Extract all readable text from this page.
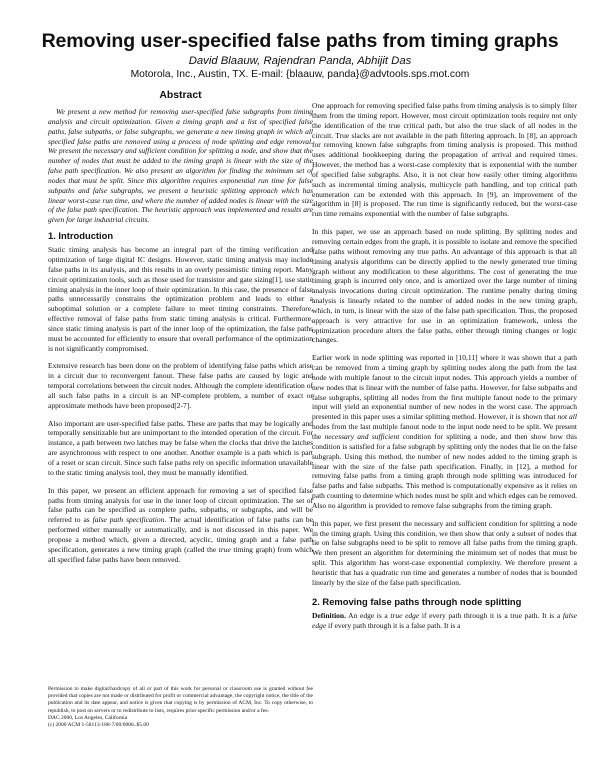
Removing user-specified false paths from timing graphs
David Blaauw, Rajendran Panda, Abhijit Das
Motorola, Inc., Austin, TX. E-mail: {blaauw, panda}@advtools.sps.mot.com
Abstract

We present a new method for removing user-specified false subgraphs from timing analysis and circuit optimization. Given a timing graph and a list of specified false paths, false subpaths, or false subgraphs, we generate a new timing graph in which all specified false paths are removed using a process of node splitting and edge removal. We present the necessary and sufficient condition for splitting a node, and show that the number of nodes that must be added to the timing graph is linear with the size of the false path specification. We also present an algorithm for finding the minimum set of nodes that must be split. Since this algorithm requires exponential run time for false subpaths and false subgraphs, we present a heuristic splitting approach which has linear worst-case run time, and where the number of added nodes is linear with the size of the false path specification. The heuristic approach was implemented and results are given for large industrial circuits.

1. Introduction

Static timing analysis has become an integral part of the timing verification and optimization of large digital IC designs. However, static timing analysis may include false paths in its analysis, and this results in an overly pessimistic timing report. Many circuit optimization tools, such as those used for transistor and gate sizing[1], use static timing analysis in the inner loop of their optimization. In this case, the presence of false paths unnecessarily constrains the optimization problem and leads to either a suboptimal solution or a complete failure to meet timing constraints. Therefore, effective removal of false paths from static timing analysis is critical. Furthermore, since static timing analysis is part of the inner loop of the optimization, the false paths must be accounted for efficiently to ensure that overall performance of the optimization is not significantly compromised.

Extensive research has been done on the problem of identifying false paths which arise in a circuit due to reconvergent fanout. These false paths are caused by logic and temporal correlations between the circuit nodes. Although the complete identification of all such false paths in a circuit is an NP-complete problem, a number of exact or approximate methods have been proposed[2-7].

Also important are user-specified false paths. These are paths that may be logically and temporally sensitizable but are unimportant to the intended operation of the circuit. For instance, a path between two latches may be false when the clocks that drive the latches are asynchronous with respect to one another. Another example is a path which is part of a reset or scan circuit. Since such false paths rely on specific information unavailable to the static timing analysis tool, they must be manually identified.

In this paper, we present an efficient approach for removing a set of specified false paths from timing analysis for use in the inner loop of circuit optimization. The set of false paths can be specified as complete paths, subpaths, or subgraphs, and will be referred to as false path specification. The actual identification of false paths can be performed either manually or automatically, and is not discussed in this paper. We propose a method which, given a directed, acyclic, timing graph and a false path specification, generates a new timing graph (called the true timing graph) from which all specified false paths have been removed.

Permission to make digital/hardcopy of all or part of this work for personal or classroom use is granted without fee provided that copies are not made or distributed for profit or commercial advantage, the copyright notice, the title of the publication and its date appear, and notice is given that copying is by permission of ACM, Inc. To copy otherwise, to republish, to post on servers or to redistribute to lists, requires prior specific permission and/or a fee.

DAC 2000, Los Angeles, California

(c) 2000 ACM 1-58113-188-7/00/0006..$5.00

One approach for removing specified false paths from timing analysis is to simply filter them from the timing report. However, most circuit optimization tools require not only the identification of the true critical path, but also the true slack of all nodes in the circuit. True slacks are not available in the path filtering approach. In [8], an approach for removing known false subgraphs from timing analysis is proposed. This method uses additional bookkeeping during the propagation of arrival and required times. However, the method has a worst-case complexity that is exponential with the number of specified false subgraphs. Also, it is not clear how easily other timing algorithms such as incremental timing analysis, multicycle path handling, and top critical path enumeration can be extended with this approach. In [9], an improvement of the algorithm in [8] is proposed. The run time is significantly reduced, but the worst-case run time remains exponential with the number of false subgraphs.

In this paper, we use an approach based on node splitting. By splitting nodes and removing certain edges from the graph, it is possible to isolate and remove the specified false paths without removing any true paths. An advantage of this approach is that all timing analysis algorithms can be directly applied to the newly generated true timing graph without any modification to these algorithms. The cost of generating the true timing graph is incurred only once, and is amortized over the large number of timing analysis invocations during circuit optimization. The runtime penalty during timing analysis is linearly related to the number of added nodes in the new timing graph, which, in turn, is linear with the size of the false path specification. Thus, the proposed approach is very attractive for use in an optimization framework, unless the optimization procedure alters the false paths, either through timing changes or logic changes.

Earlier work in node splitting was reported in [10,11] where it was shown that a path can be removed from a timing graph by splitting nodes along the path from the last node with multiple fanout to the circuit input nodes. This approach yields a number of new nodes that is linear with the number of false paths. However, for false subpaths and false subgraphs, splitting all nodes from the first multiple fanout node to the primary input will yield an exponential number of new nodes in the worst case. The approach presented in this paper uses a similar splitting method. However, it is shown that not all nodes from the last multiple fanout node to the input node need to be split. We present the necessary and sufficient condition for splitting a node, and then show how this condition is satisfied for a false subgraph by splitting only the nodes that lie on the false subgraph. Using this method, the number of new nodes added to the timing graph is linear with the size of the false path specification. Finally, in [12], a method for removing false paths from a timing graph through node splitting was introduced for false paths and false subpaths. This method is computationally expensive as it relies on path counting to determine which nodes must be split and which edges can be removed. Also no algorithm is provided to remove false subgraphs from the timing graph.

In this paper, we first present the necessary and sufficient condition for splitting a node in the timing graph. Using this condition, we then show that only a subset of nodes that lie on false subgraphs need to be split to remove all false paths from the timing graph. We then present an algorithm for determining the minimum set of nodes that must be split. This algorithm has worst-case exponential complexity. We therefore present a heuristic that has a quadratic run time and generates a number of nodes that is bounded linearly by the size of the false path specification.

2. Removing false paths through node splitting

Definition. An edge is a true edge if every path through it is a true path. It is a false edge if every path through it is a false path. It is a
